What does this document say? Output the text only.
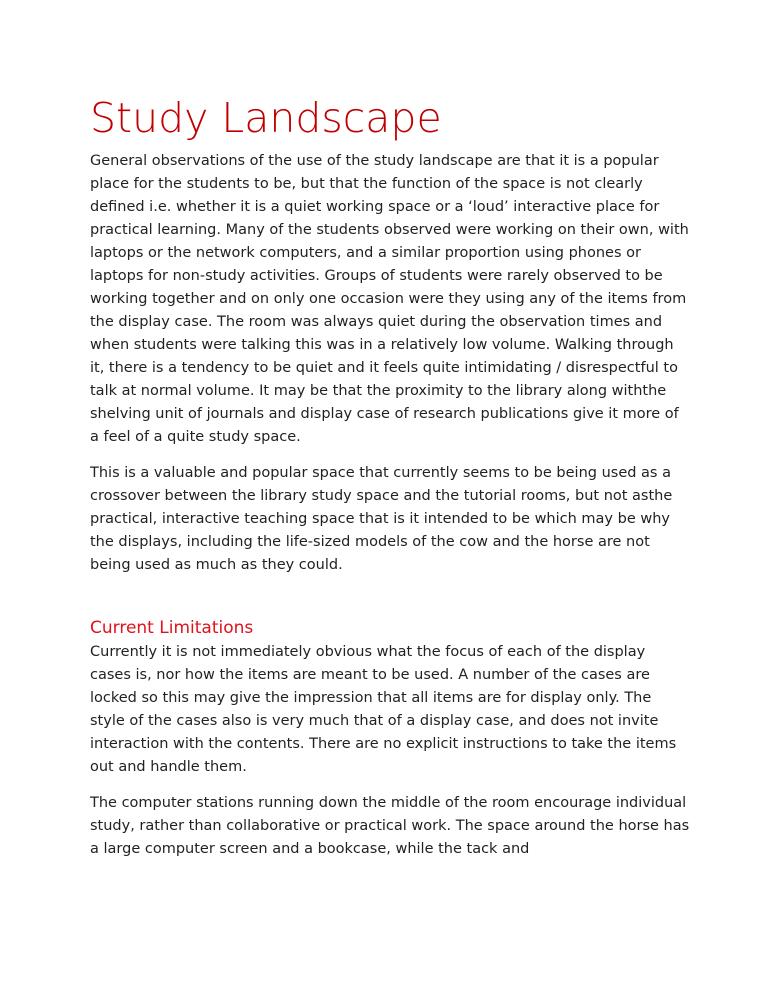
Study Landscape

General observations of the use of the study landscape are that it is a popular place for the students to be, but that the function of the space is not clearly defined i.e. whether it is a quiet working space or a ‘loud’ interactive place for practical learning. Many of the students observed were working on their own, with laptops or the network computers, and a similar proportion using phones or laptops for non-study activities. Groups of students were rarely observed to be working together and on only one occasion were they using any of the items from the display case. The room was always quiet during the observation times and when students were talking this was in a relatively low volume. Walking through it, there is a tendency to be quiet and it feels quite intimidating / disrespectful to talk at normal volume. It may be that the proximity to the library along withthe shelving unit of journals and display case of research publications give it more of a feel of a quite study space.

This is a valuable and popular space that currently seems to be being used as a crossover between the library study space and the tutorial rooms, but not asthe practical, interactive teaching space that is it intended to be which may be why the displays, including the life-sized models of the cow and the horse are not being used as much as they could.

Current Limitations

Currently it is not immediately obvious what the focus of each of the display cases is, nor how the items are meant to be used. A number of the cases are locked so this may give the impression that all items are for display only. The style of the cases also is very much that of a display case, and does not invite interaction with the contents. There are no explicit instructions to take the items out and handle them.

The computer stations running down the middle of the room encourage individual study, rather than collaborative or practical work. The space around the horse has a large computer screen and a bookcase, while the tack and
